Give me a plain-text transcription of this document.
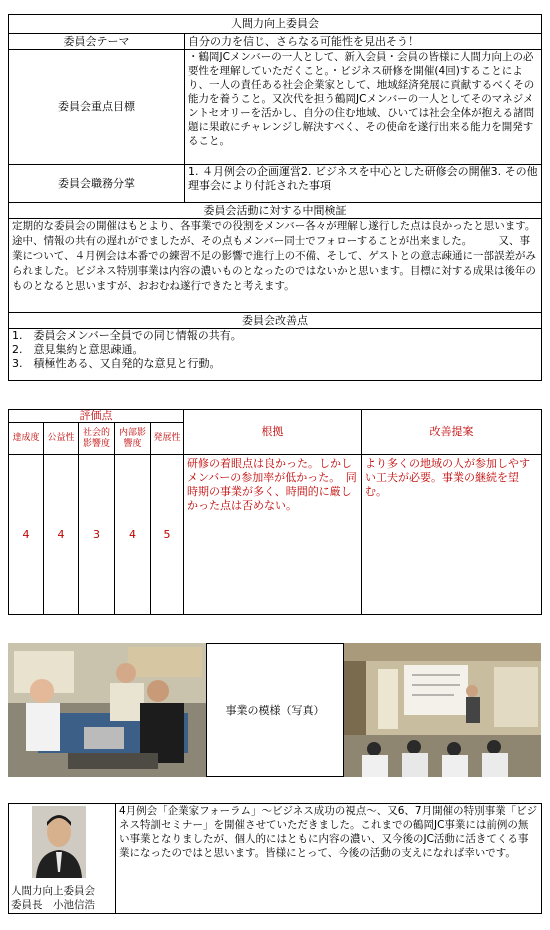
人間力向上委員会	
委員会テーマ	自分の力を信じ、さらなる可能性を見出そう！
委員会重点目標	・鶴岡JCメンバーの一人として、新入会員・会員の皆様に人間力向上の必要性を理解していただくこと。・ビジネス研修を開催(4回)することにより、一人の責任ある社会企業家として、地域経済発展に貢献するべくその能力を養うこと。又次代を担う鶴岡JCメンバーの一人としてそのマネジメントセオリーを活かし、自分の住む地域、ひいては社会全体が抱える諸問題に果敢にチャレンジし解決すべく、その使命を遂行出来る能力を開発すること。

委員会職務分掌	1. ４月例会の企画運営2. ビジネスを中心とした研修会の開催3. その他理事会により付託された事項
委員会活動に対する中間検証	
定期的な委員会の開催はもとより、各事業での役割をメンバー各々が理解し遂行した点は良かったと思います。途中、情報の共有の遅れがでましたが、その点もメンバー同士でフォローすることが出来ました。　　　又、事業について、４月例会は本番での練習不足の影響で進行上の不備、そして、ゲストとの意志疎通に一部誤差がみられました。ビジネス特別事業は内容の濃いものとなったのではないかと思います。目標に対する成果は後年のものとなると思いますが、おおむね遂行できたと考えます。	
委員会改善点	

1.　委員会メンバー全員での同じ情報の共有。
2.　意見集約と意思疎通。
3.　積極性ある、又自発的な意見と行動。	
評価点					根拠	改善提案
達成度	公益性	社会的影響度	内部影響度	発展性		
4	4	3	4	5	研修の着眼点は良かった。しかしメンバーの参加率が低かった。　同時期の事業が多く、時間的に厳しかった点は否めない。	より多くの地域の人が参加しやすい工夫が必要。事業の継続を望む。
事業の模様（写真）
人間力向上委員会
委員長　小池信浩
	4月例会「企業家フォーラム」～ビジネス成功の視点～、又6、7月開催の特別事業「ビジネス特訓セミナー」を開催させていただきました。これまでの鶴岡JC事業には前例の無い事業となりましたが、個人的にはともに内容の濃い、又今後のJC活動に活きてくる事業になったのではと思います。皆様にとって、今後の活動の支えになれば幸いです。
